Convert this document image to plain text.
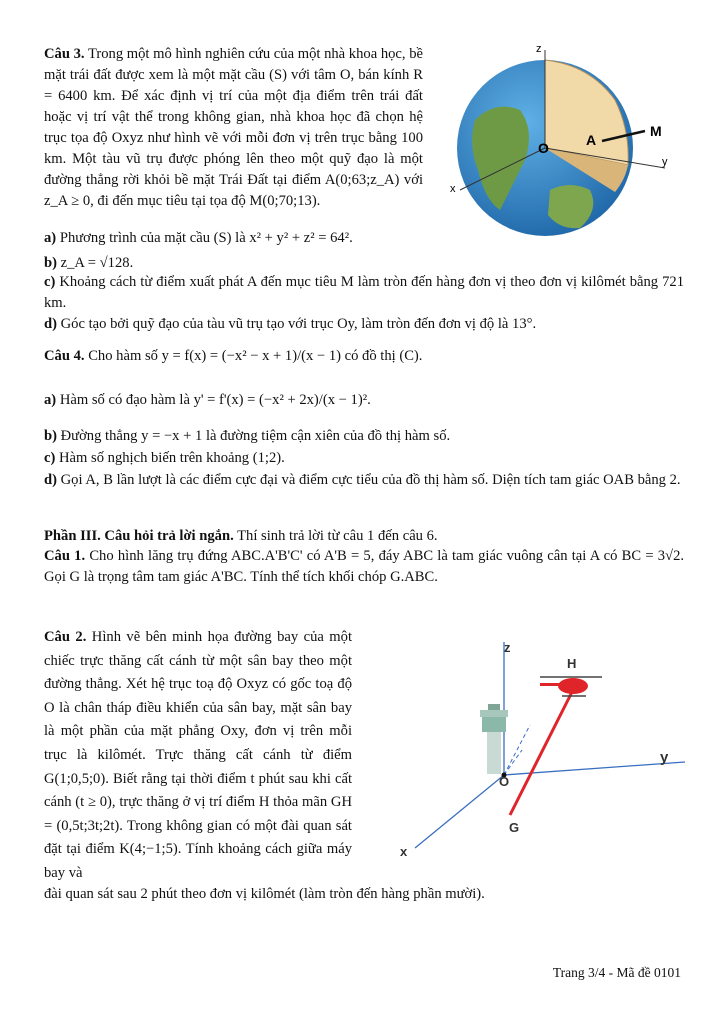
Câu 3. Trong một mô hình nghiên cứu của một nhà khoa học, bề mặt trái đất được xem là một mặt cầu (S) với tâm O, bán kính R = 6400 km. Để xác định vị trí của một địa điểm trên trái đất hoặc vị trí vật thể trong không gian, nhà khoa học đã chọn hệ trục tọa độ Oxyz như hình vẽ với mỗi đơn vị trên trục bằng 100 km. Một tàu vũ trụ được phóng lên theo một quỹ đạo là một đường thẳng rời khỏi bề mặt Trái Đất tại điểm A(0;63;z_A) với z_A ≥ 0, đi đến mục tiêu tại tọa độ M(0;70;13).

z
y
x
O	A
M

a) Phương trình của mặt cầu (S) là x² + y² + z² = 64².

b) z_A = √128.

c) Khoảng cách từ điểm xuất phát A đến mục tiêu M làm tròn đến hàng đơn vị theo đơn vị kilômét bằng 721 km.

d) Góc tạo bởi quỹ đạo của tàu vũ trụ tạo với trục Oy, làm tròn đến đơn vị độ là 13°.

Câu 4. Cho hàm số y = f(x) = (−x² − x + 1)/(x − 1) có đồ thị (C).

a) Hàm số có đạo hàm là y' = f'(x) = (−x² + 2x)/(x − 1)².

b) Đường thẳng y = −x + 1 là đường tiệm cận xiên của đồ thị hàm số.

c) Hàm số nghịch biến trên khoảng (1;2).

d) Gọi A, B lần lượt là các điểm cực đại và điểm cực tiểu của đồ thị hàm số. Diện tích tam giác OAB bằng 2.

Phần III. Câu hỏi trả lời ngắn. Thí sinh trả lời từ câu 1 đến câu 6.

Câu 1. Cho hình lăng trụ đứng ABC.A'B'C' có A'B = 5, đáy ABC là tam giác vuông cân tại A có BC = 3√2. Gọi G là trọng tâm tam giác A'BC. Tính thể tích khối chóp G.ABC.

Câu 2. Hình vẽ bên minh họa đường bay của một chiếc trực thăng cất cánh từ một sân bay theo một đường thẳng. Xét hệ trục toạ độ Oxyz có gốc toạ độ O là chân tháp điều khiển của sân bay, mặt sân bay là một phần của mặt phẳng Oxy, đơn vị trên mỗi trục là kilômét. Trực thăng cất cánh từ điểm G(1;0,5;0). Biết rằng tại thời điểm t phút sau khi cất cánh (t ≥ 0), trực thăng ở vị trí điểm H thỏa mãn GH = (0,5t;3t;2t). Trong không gian có một đài quan sát đặt tại điểm K(4;−1;5). Tính khoảng cách giữa máy bay và

đài quan sát sau 2 phút theo đơn vị kilômét (làm tròn đến hàng phần mười).

z
y
x
O
G
H
Trang 3/4 - Mã đề 0101
